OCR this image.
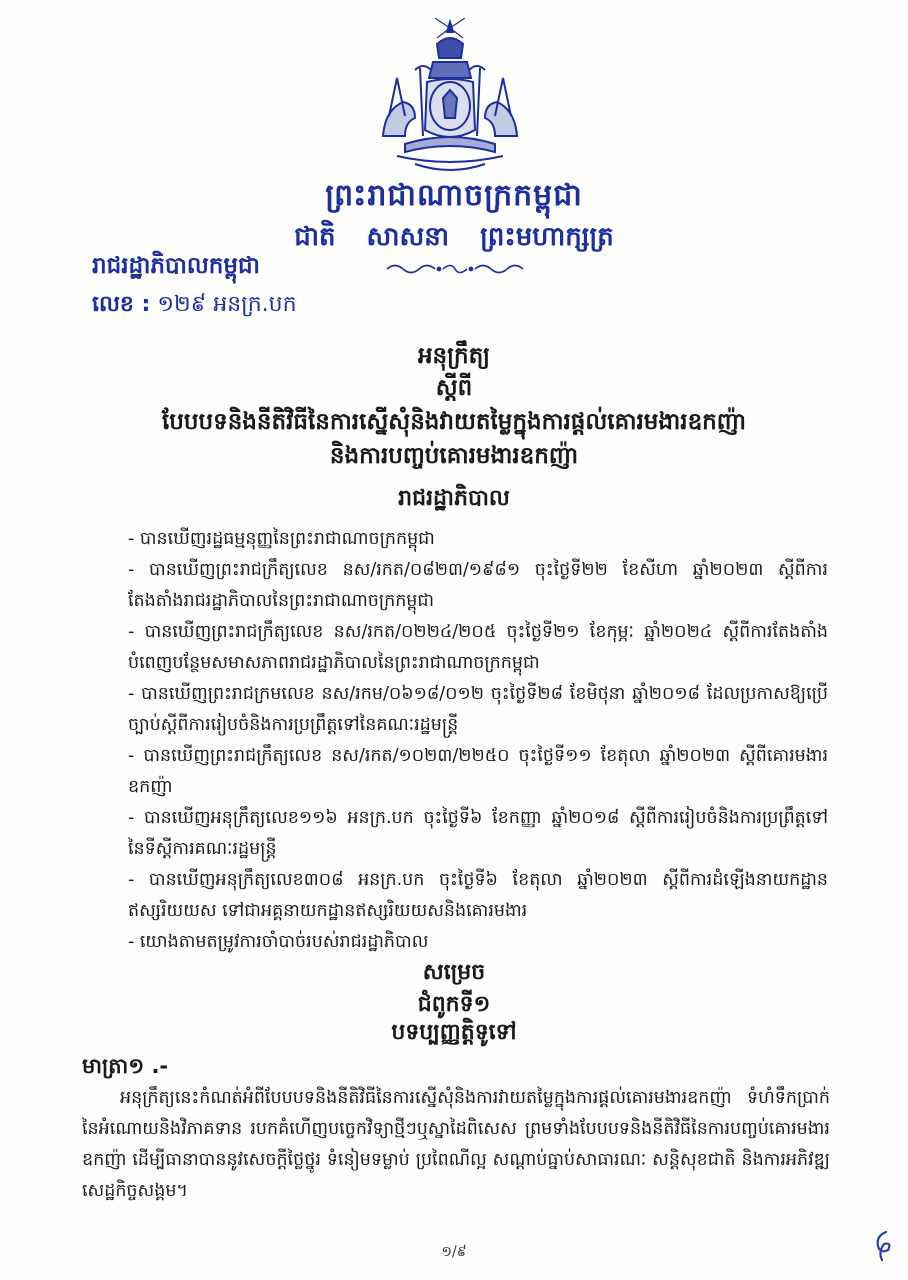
ព្រះរាជាណាចក្រកម្ពុជា
ជាតិ សាសនា ព្រះមហាក្សត្រ
រាជរដ្ឋាភិបាលកម្ពុជា
លេខ : ១២៩ អនក្រ.បក
អនុក្រឹត្យ
ស្តីពី
បែបបទនិងនីតិវិធីនៃការស្នើសុំនិងវាយតម្លៃក្នុងការផ្តល់គោរមងារឧកញ៉ា
និងការបញ្ចប់គោរមងារឧកញ៉ា
រាជរដ្ឋាភិបាល
- បានឃើញរដ្ឋធម្មនុញ្ញនៃព្រះរាជាណាចក្រកម្ពុជា
- បានឃើញព្រះរាជក្រឹត្យលេខ នស/រកត/០៨២៣/១៩៨១ ចុះថ្ងៃទី២២ ខែសីហា ឆ្នាំ២០២៣ ស្តីពីការតែងតាំងរាជរដ្ឋាភិបាលនៃព្រះរាជាណាចក្រកម្ពុជា
- បានឃើញព្រះរាជក្រឹត្យលេខ នស/រកត/០២២៤/២០៥ ចុះថ្ងៃទី២១ ខែកុម្ភៈ ឆ្នាំ២០២៤ ស្តីពីការតែងតាំងបំពេញបន្ថែមសមាសភាពរាជរដ្ឋាភិបាលនៃព្រះរាជាណាចក្រកម្ពុជា
- បានឃើញព្រះរាជក្រមលេខ នស/រកម/០៦១៨/០១២ ចុះថ្ងៃទី២៨ ខែមិថុនា ឆ្នាំ២០១៨ ដែលប្រកាសឱ្យប្រើច្បាប់ស្តីពីការរៀបចំនិងការប្រព្រឹត្តទៅនៃគណៈរដ្ឋមន្ត្រី
- បានឃើញព្រះរាជក្រឹត្យលេខ នស/រកត/១០២៣/២២៥០ ចុះថ្ងៃទី១១ ខែតុលា ឆ្នាំ២០២៣ ស្តីពីគោរមងារឧកញ៉ា
- បានឃើញអនុក្រឹត្យលេខ១១៦ អនក្រ.បក ចុះថ្ងៃទី៦ ខែកញ្ញា ឆ្នាំ២០១៨ ស្តីពីការរៀបចំនិងការប្រព្រឹត្តទៅនៃទីស្តីការគណៈរដ្ឋមន្ត្រី
- បានឃើញអនុក្រឹត្យលេខ៣០៨ អនក្រ.បក ចុះថ្ងៃទី៦ ខែតុលា ឆ្នាំ២០២៣ ស្តីពីការដំឡើងនាយកដ្ឋានឥស្សរិយយស ទៅជាអគ្គនាយកដ្ឋានឥស្សរិយយសនិងគោរមងារ
- យោងតាមតម្រូវការចាំបាច់របស់រាជរដ្ឋាភិបាល
សម្រេច
ជំពូកទី១
បទប្បញ្ញត្តិទូទៅ
មាត្រា១ .-
អនុក្រឹត្យនេះកំណត់អំពីបែបបទនិងនីតិវិធីនៃការស្នើសុំនិងការវាយតម្លៃក្នុងការផ្តល់គោរមងារឧកញ៉ា ទំហំទឹកប្រាក់នៃអំណោយនិងវិភាគទាន របកគំហើញបច្ចេកវិទ្យាថ្មីៗឬស្នាដៃពិសេស ព្រមទាំងបែបបទនិងនីតិវិធីនៃការបញ្ចប់គោរមងារឧកញ៉ា ដើម្បីធានាបាននូវសេចក្តីថ្លៃថ្នូរ ទំនៀមទម្លាប់ ប្រពៃណីល្អ សណ្តាប់ធ្នាប់សាធារណៈ សន្តិសុខជាតិ និងការអភិវឌ្ឍសេដ្ឋកិច្ចសង្គម។
១/៩
